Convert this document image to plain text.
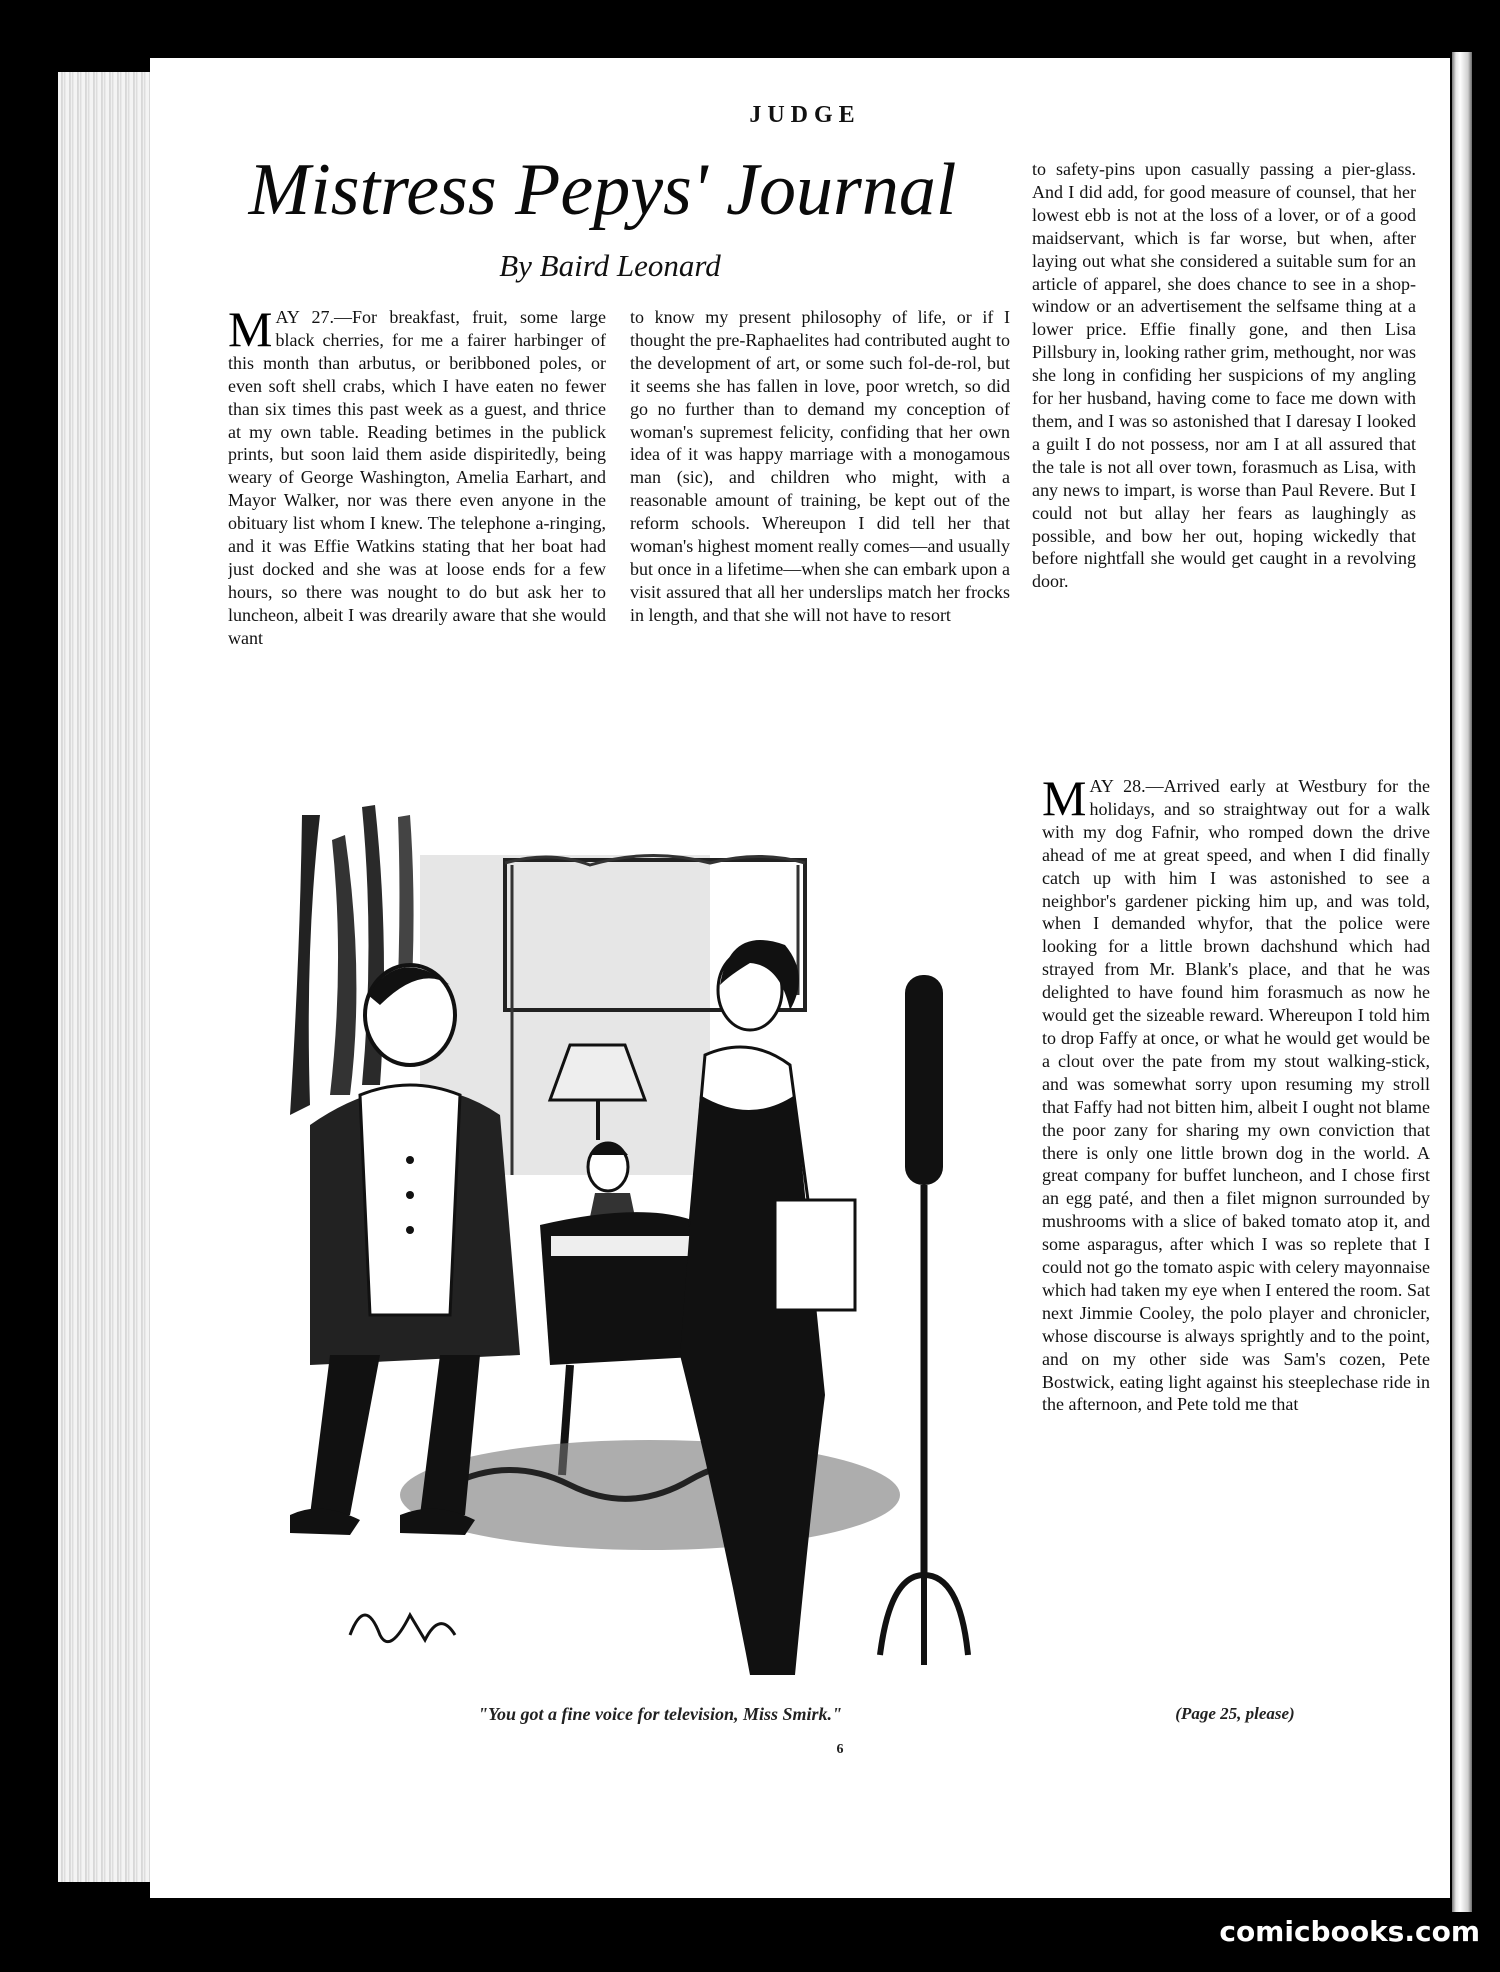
JUDGE
Mistress Pepys' Journal
By Baird Leonard

MAY 27.—For breakfast, fruit, some large black cherries, for me a fairer harbinger of this month than arbutus, or beribboned poles, or even soft shell crabs, which I have eaten no fewer than six times this past week as a guest, and thrice at my own table. Reading betimes in the publick prints, but soon laid them aside dispiritedly, being weary of George Washington, Amelia Earhart, and Mayor Walker, nor was there even anyone in the obituary list whom I knew. The telephone a-ringing, and it was Effie Watkins stating that her boat had just docked and she was at loose ends for a few hours, so there was nought to do but ask her to luncheon, albeit I was drearily aware that she would want

to know my present philosophy of life, or if I thought the pre-Raphaelites had contributed aught to the development of art, or some such fol-de-rol, but it seems she has fallen in love, poor wretch, so did go no further than to demand my conception of woman's supremest felicity, confiding that her own idea of it was happy marriage with a monogamous man (sic), and children who might, with a reasonable amount of training, be kept out of the reform schools. Whereupon I did tell her that woman's highest moment really comes—and usually but once in a lifetime—when she can embark upon a visit assured that all her underslips match her frocks in length, and that she will not have to resort

to safety-pins upon casually passing a pier-glass. And I did add, for good measure of counsel, that her lowest ebb is not at the loss of a lover, or of a good maidservant, which is far worse, but when, after laying out what she considered a suitable sum for an article of apparel, she does chance to see in a shop-window or an advertisement the selfsame thing at a lower price. Effie finally gone, and then Lisa Pillsbury in, looking rather grim, methought, nor was she long in confiding her suspicions of my angling for her husband, having come to face me down with them, and I was so astonished that I daresay I looked a guilt I do not possess, nor am I at all assured that the tale is not all over town, forasmuch as Lisa, with any news to impart, is worse than Paul Revere. But I could not but allay her fears as laughingly as possible, and bow her out, hoping wickedly that before nightfall she would get caught in a revolving door.

MAY 28.—Arrived early at Westbury for the holidays, and so straightway out for a walk with my dog Fafnir, who romped down the drive ahead of me at great speed, and when I did finally catch up with him I was astonished to see a neighbor's gardener picking him up, and was told, when I demanded whyfor, that the police were looking for a little brown dachshund which had strayed from Mr. Blank's place, and that he was delighted to have found him forasmuch as now he would get the sizeable reward. Whereupon I told him to drop Faffy at once, or what he would get would be a clout over the pate from my stout walking-stick, and was somewhat sorry upon resuming my stroll that Faffy had not bitten him, albeit I ought not blame the poor zany for sharing my own conviction that there is only one little brown dog in the world. A great company for buffet luncheon, and I chose first an egg paté, and then a filet mignon surrounded by mushrooms with a slice of baked tomato atop it, and some asparagus, after which I was so replete that I could not go the tomato aspic with celery mayonnaise which had taken my eye when I entered the room. Sat next Jimmie Cooley, the polo player and chronicler, whose discourse is always sprightly and to the point, and on my other side was Sam's cozen, Pete Bostwick, eating light against his steeplechase ride in the afternoon, and Pete told me that

"You got a fine voice for television, Miss Smirk."
6
(Page 25, please)
comicbooks.com
